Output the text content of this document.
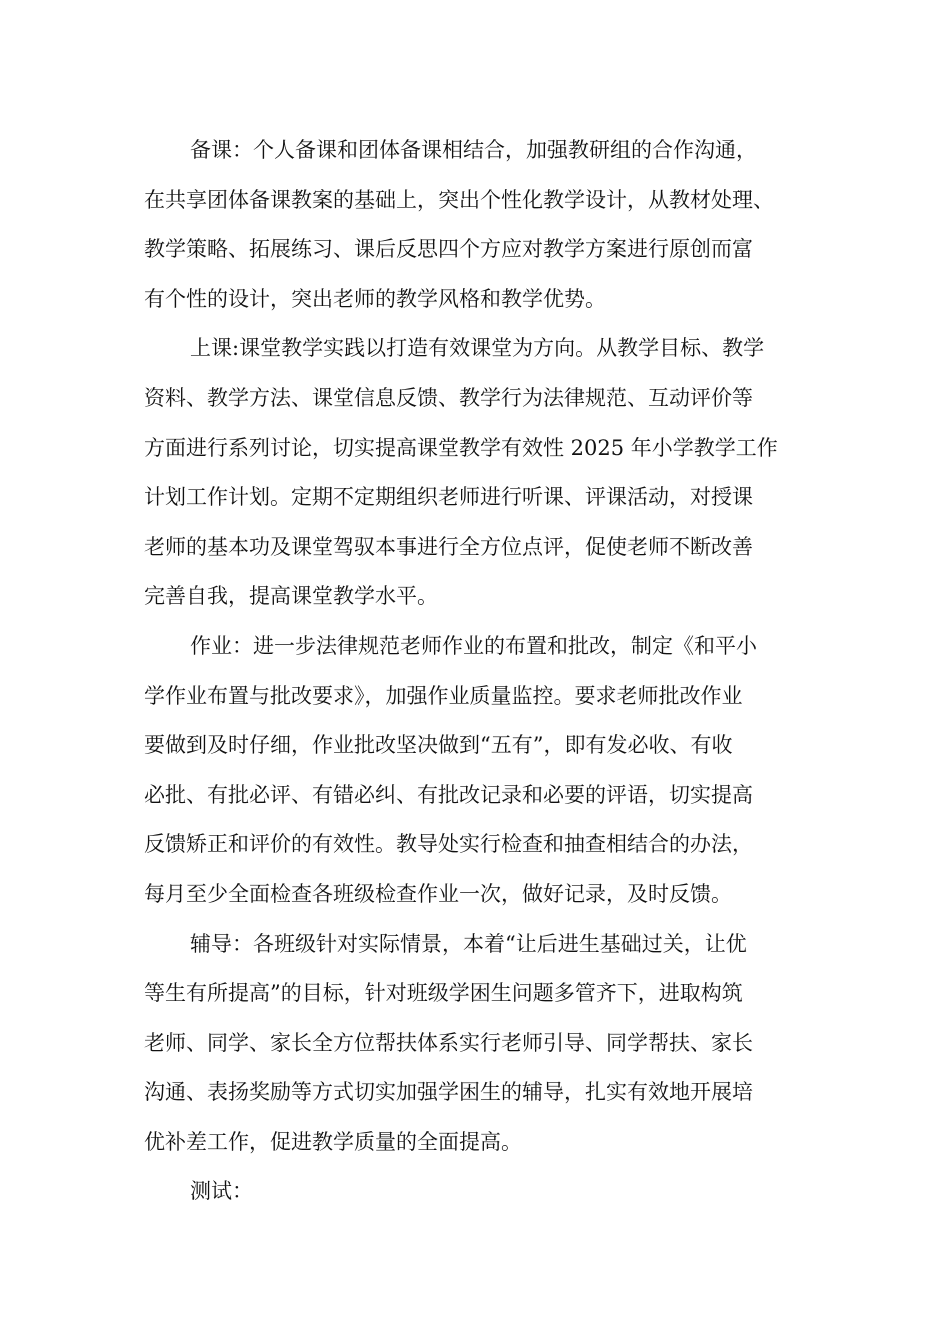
备课：个人备课和团体备课相结合，加强教研组的合作沟通，
在共享团体备课教案的基础上，突出个性化教学设计，从教材处理、
教学策略、拓展练习、课后反思四个方应对教学方案进行原创而富
有个性的设计，突出老师的教学风格和教学优势。
上课:课堂教学实践以打造有效课堂为方向。从教学目标、教学
资料、教学方法、课堂信息反馈、教学行为法律规范、互动评价等
方面进行系列讨论，切实提高课堂教学有效性 2025 年小学教学工作
计划工作计划。定期不定期组织老师进行听课、评课活动，对授课
老师的基本功及课堂驾驭本事进行全方位点评，促使老师不断改善
完善自我，提高课堂教学水平。
作业：进一步法律规范老师作业的布置和批改，制定《和平小
学作业布置与批改要求》，加强作业质量监控。要求老师批改作业
要做到及时仔细，作业批改坚决做到“五有”，即有发必收、有收
必批、有批必评、有错必纠、有批改记录和必要的评语，切实提高
反馈矫正和评价的有效性。教导处实行检查和抽查相结合的办法，
每月至少全面检查各班级检查作业一次，做好记录，及时反馈。
辅导：各班级针对实际情景，本着“让后进生基础过关，让优
等生有所提高”的目标，针对班级学困生问题多管齐下，进取构筑
老师、同学、家长全方位帮扶体系实行老师引导、同学帮扶、家长
沟通、表扬奖励等方式切实加强学困生的辅导，扎实有效地开展培
优补差工作，促进教学质量的全面提高。
测试：
